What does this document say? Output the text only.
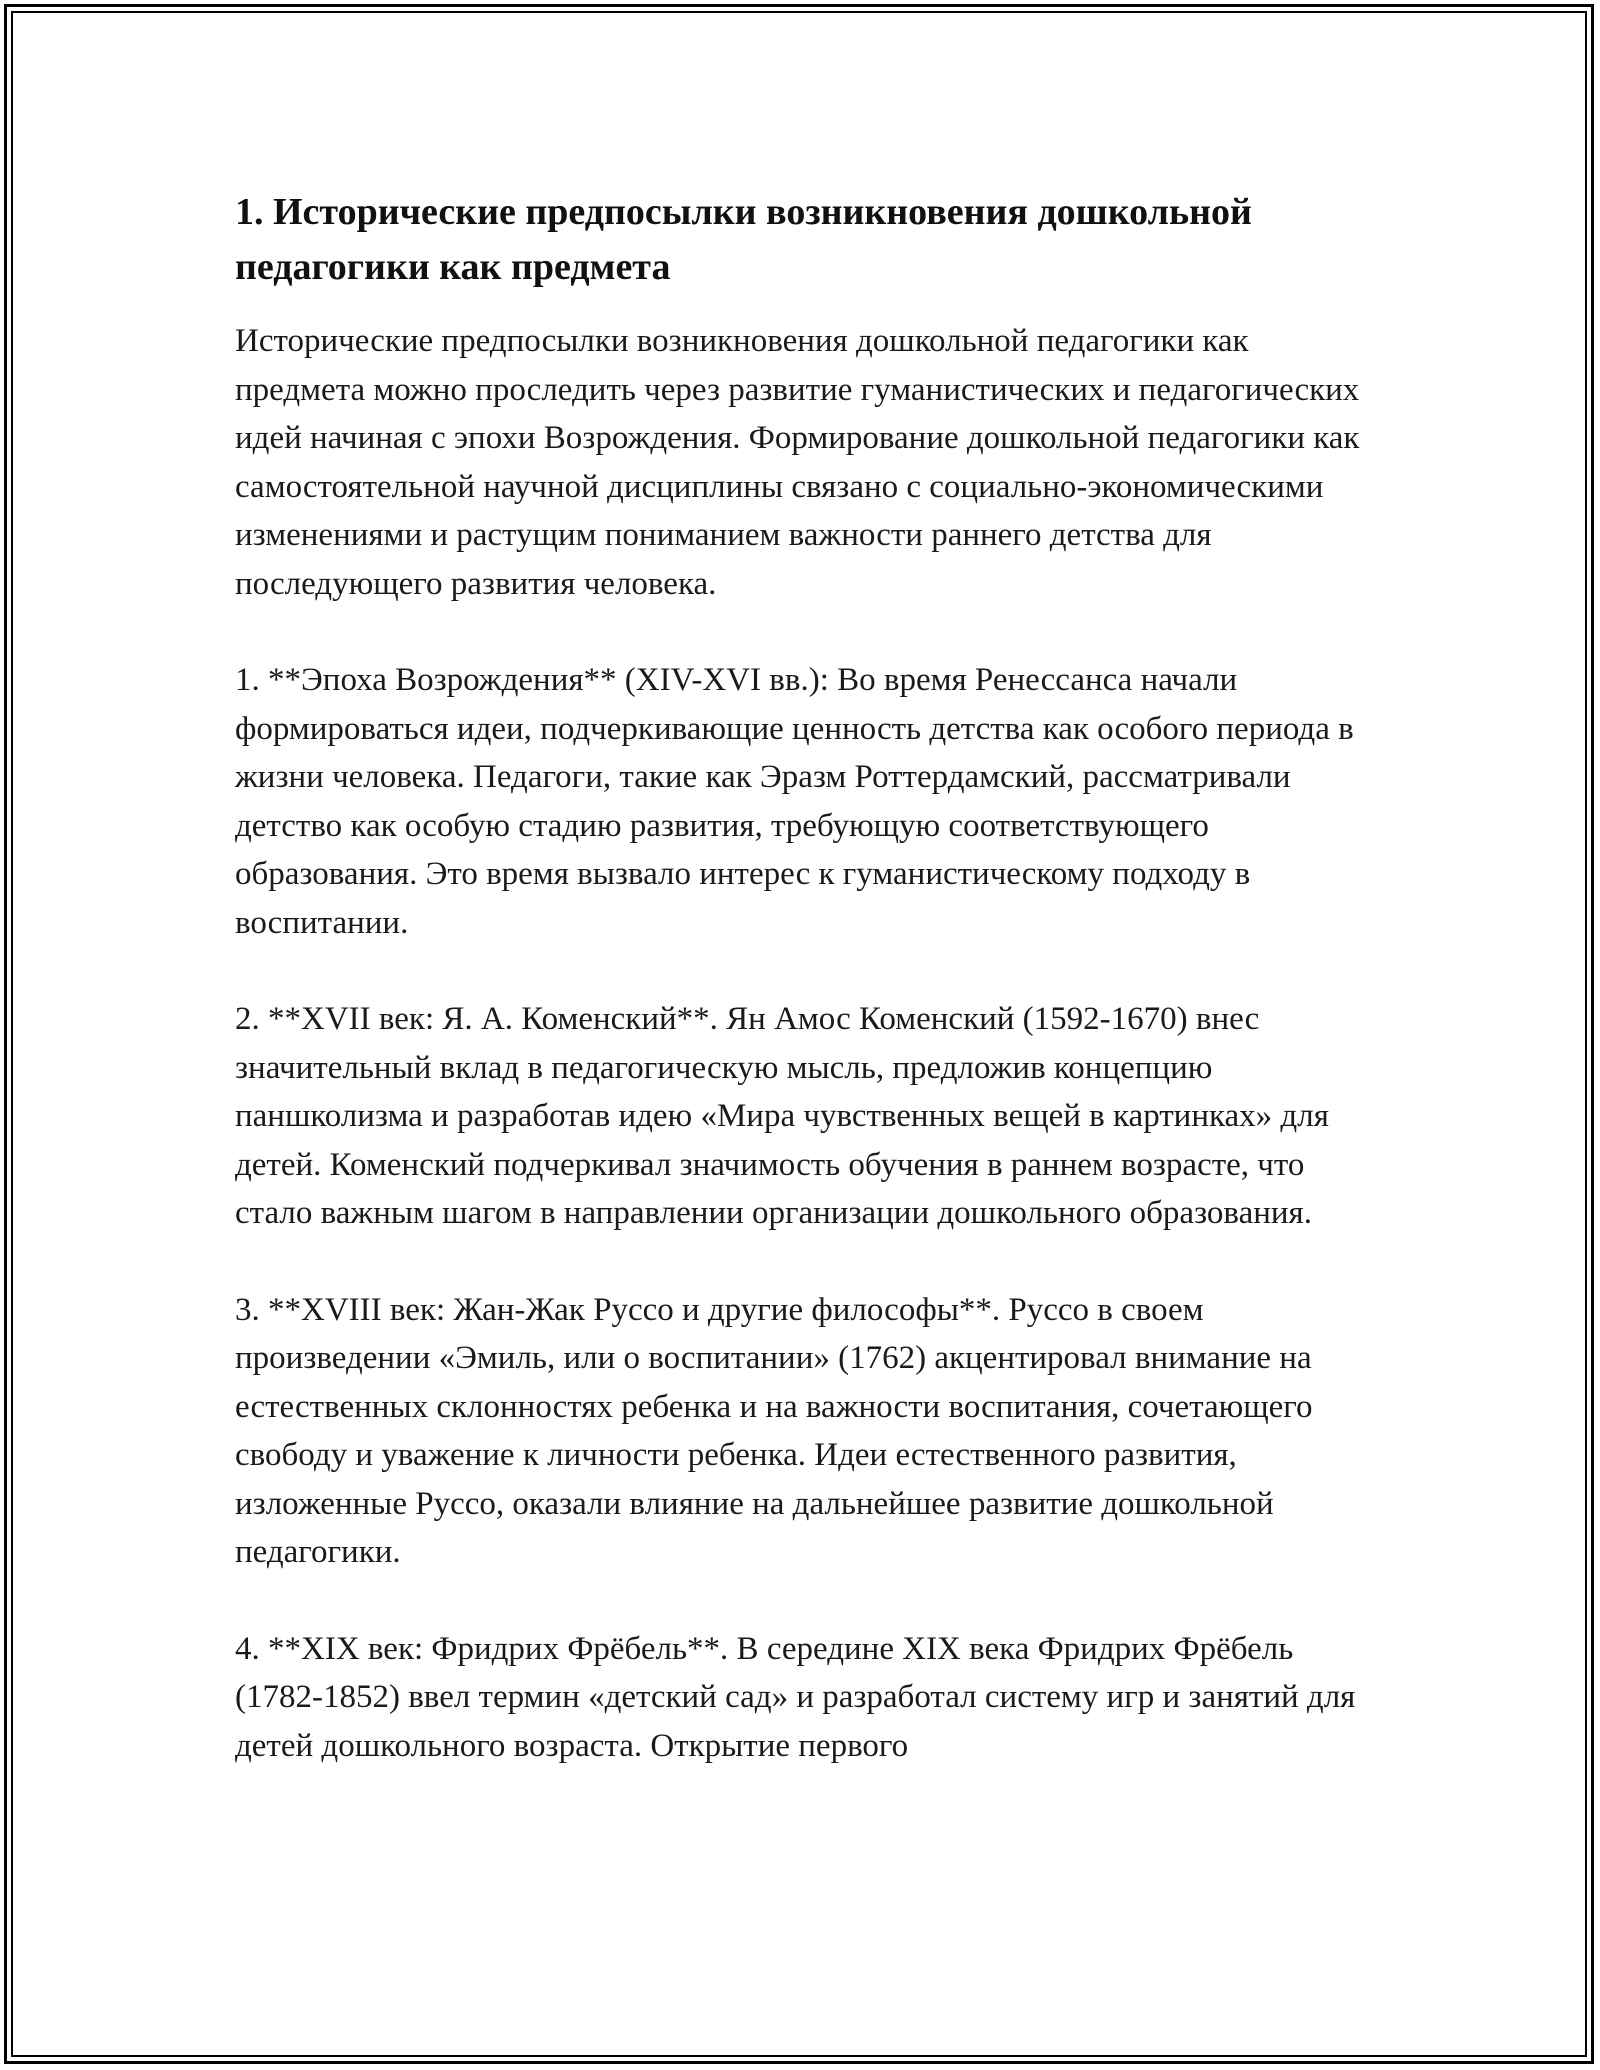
1. Исторические предпосылки возникновения дошкольной педагогики как предмета

Исторические предпосылки возникновения дошкольной педагогики как предмета можно проследить через развитие гуманистических и педагогических идей начиная с эпохи Возрождения. Формирование дошкольной педагогики как самостоятельной научной дисциплины связано с социально-экономическими изменениями и растущим пониманием важности раннего детства для последующего развития человека.

1. **Эпоха Возрождения** (XIV-XVI вв.): Во время Ренессанса начали формироваться идеи, подчеркивающие ценность детства как особого периода в жизни человека. Педагоги, такие как Эразм Роттердамский, рассматривали детство как особую стадию развития, требующую соответствующего образования. Это время вызвало интерес к гуманистическому подходу в воспитании.

2. **XVII век: Я. А. Коменский**. Ян Амос Коменский (1592-1670) внес значительный вклад в педагогическую мысль, предложив концепцию паншколизма и разработав идею «Мира чувственных вещей в картинках» для детей. Коменский подчеркивал значимость обучения в раннем возрасте, что стало важным шагом в направлении организации дошкольного образования.

3. **XVIII век: Жан-Жак Руссо и другие философы**. Руссо в своем произведении «Эмиль, или о воспитании» (1762) акцентировал внимание на естественных склонностях ребенка и на важности воспитания, сочетающего свободу и уважение к личности ребенка. Идеи естественного развития, изложенные Руссо, оказали влияние на дальнейшее развитие дошкольной педагогики.

4. **XIX век: Фридрих Фрёбель**. В середине XIX века Фридрих Фрёбель (1782-1852) ввел термин «детский сад» и разработал систему игр и занятий для детей дошкольного возраста. Открытие первого
